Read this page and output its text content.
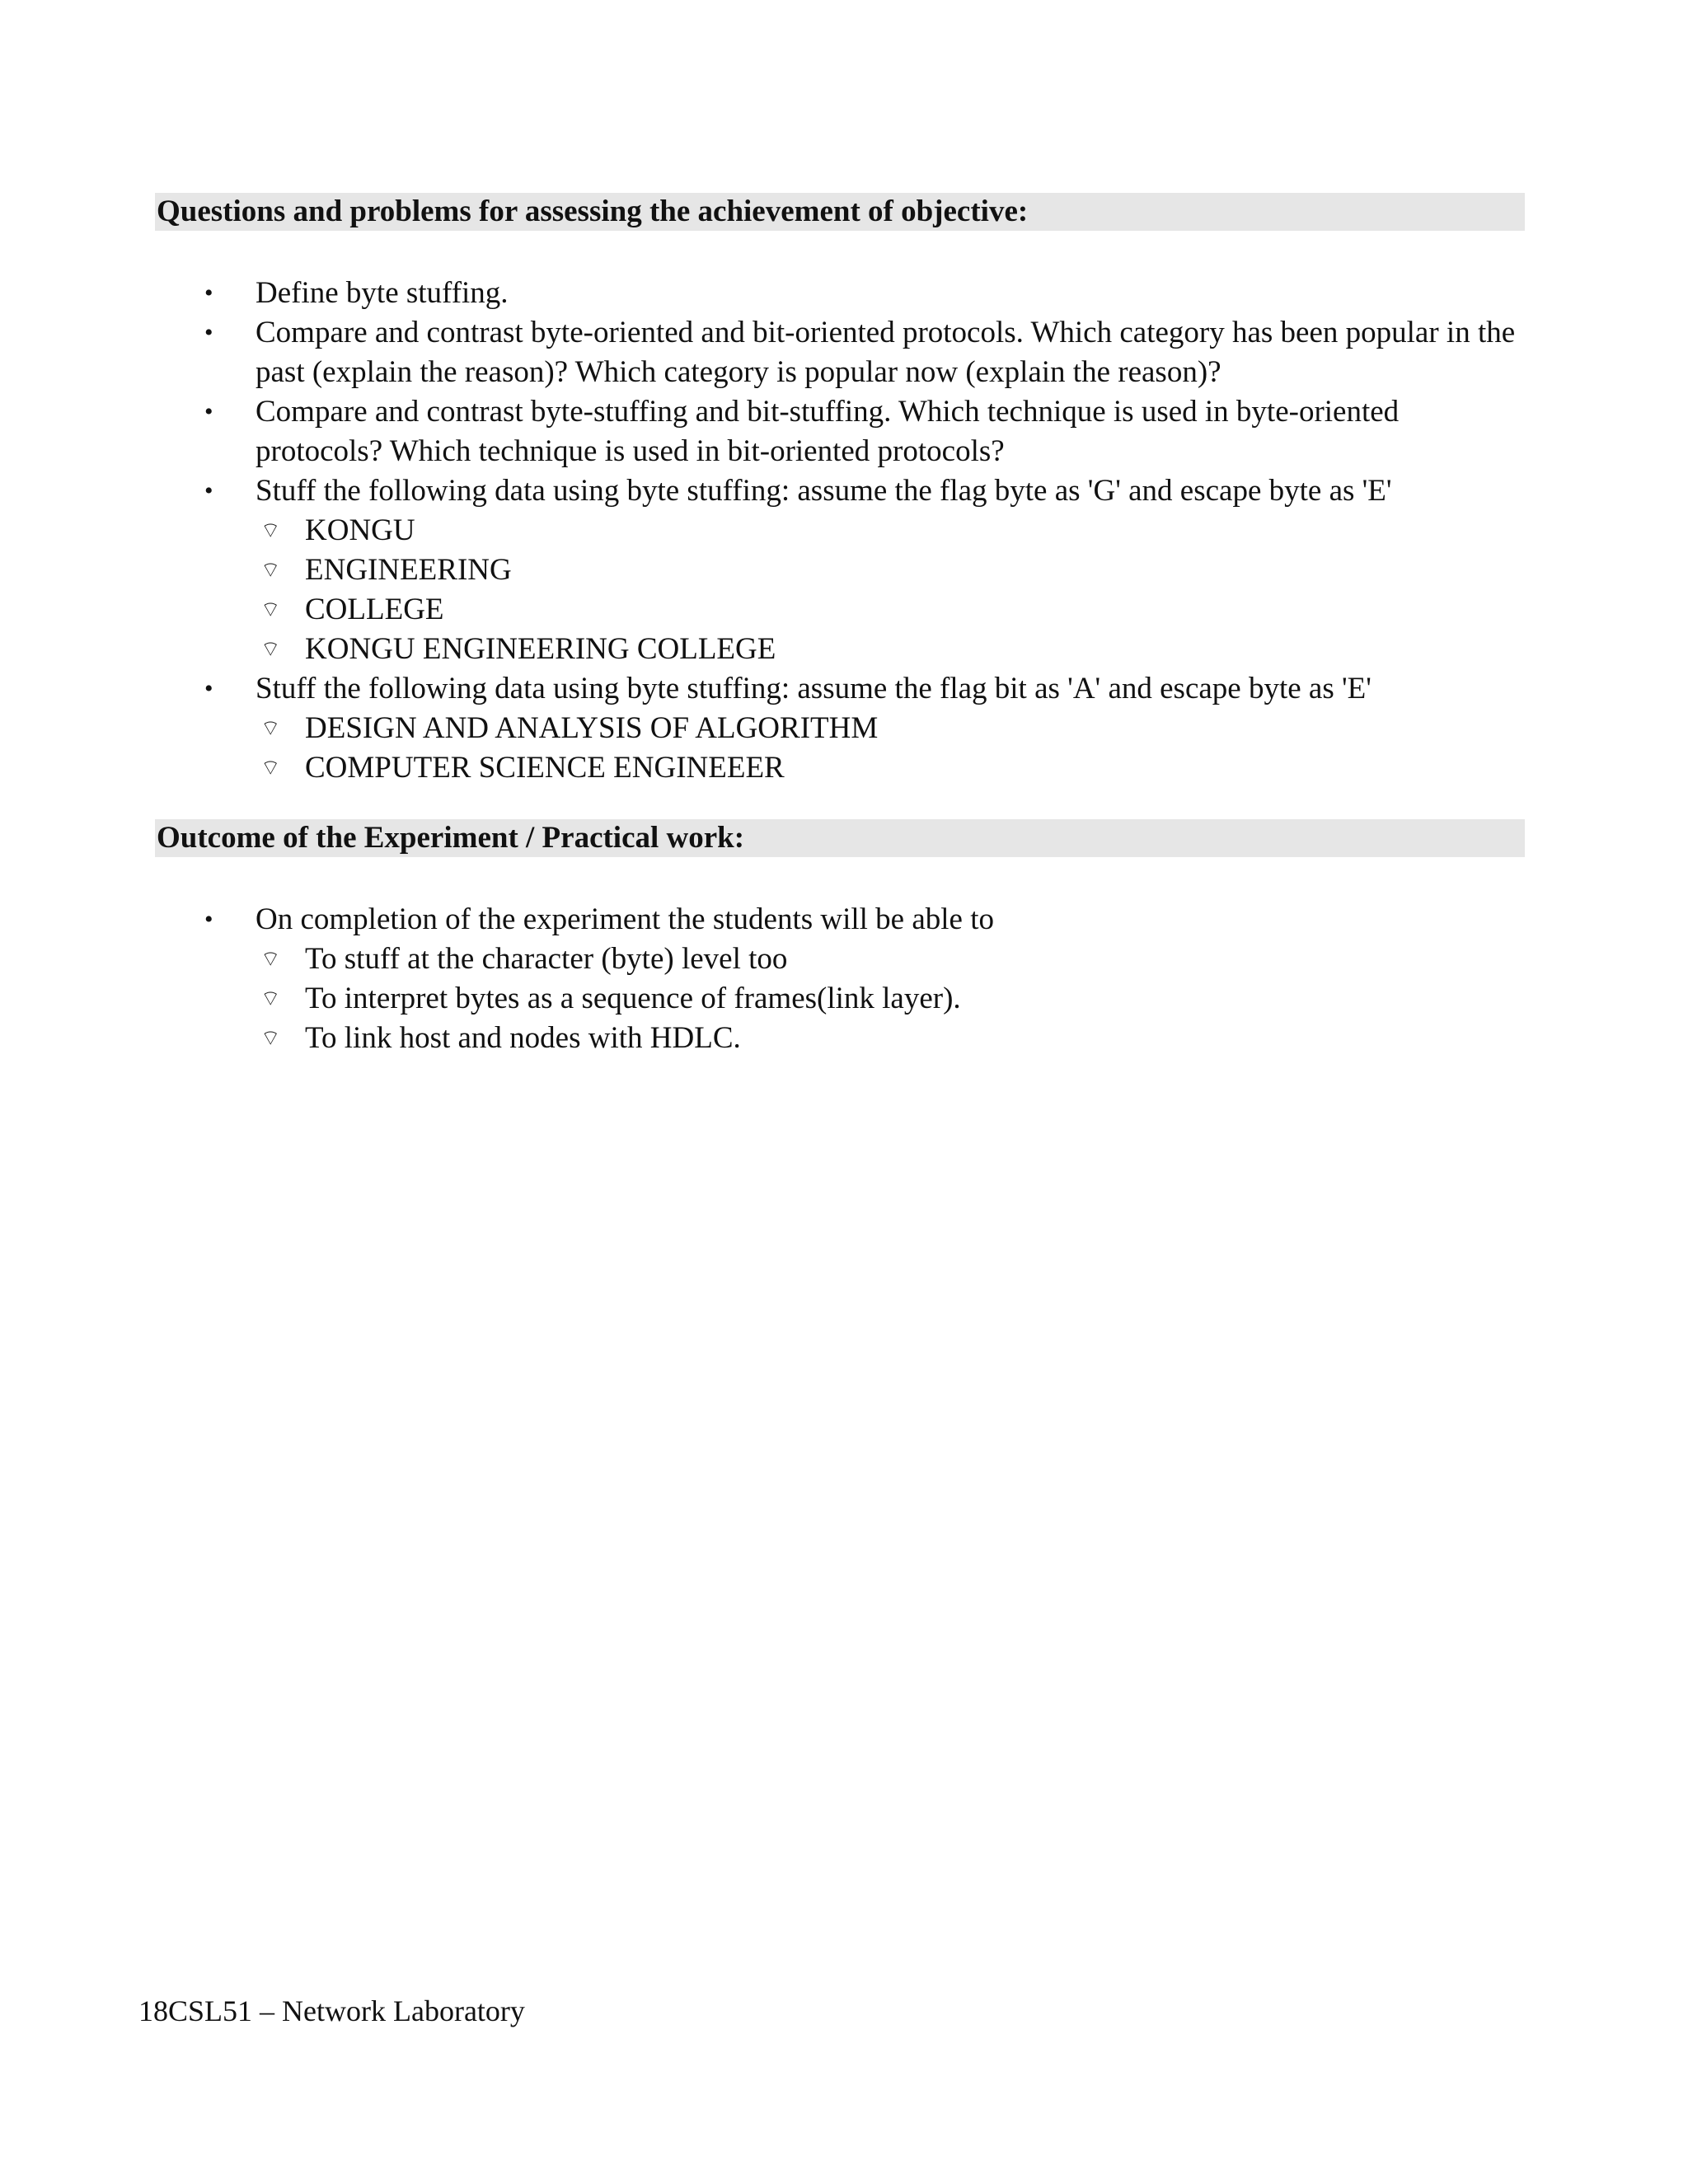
Questions and problems for assessing the achievement of objective:
• Define byte stuffing.
• Compare and contrast byte-oriented and bit-oriented protocols. Which category has been popular in the past (explain the reason)? Which category is popular now (explain the reason)?
• Compare and contrast byte-stuffing and bit-stuffing. Which technique is used in byte-oriented protocols? Which technique is used in bit-oriented protocols?
• Stuff the following data using byte stuffing: assume the flag byte as 'G' and escape byte as 'E'
⌔ KONGU
⌔ ENGINEERING
⌔ COLLEGE
⌔ KONGU ENGINEERING COLLEGE
• Stuff the following data using byte stuffing: assume the flag bit as 'A' and escape byte as 'E'
⌔ DESIGN AND ANALYSIS OF ALGORITHM
⌔ COMPUTER SCIENCE ENGINEEER
Outcome of the Experiment / Practical work:
• On completion of the experiment the students will be able to
⌔ To stuff at the character (byte) level too
⌔ To interpret bytes as a sequence of frames(link layer).
⌔ To link host and nodes with HDLC.
18CSL51 – Network Laboratory
